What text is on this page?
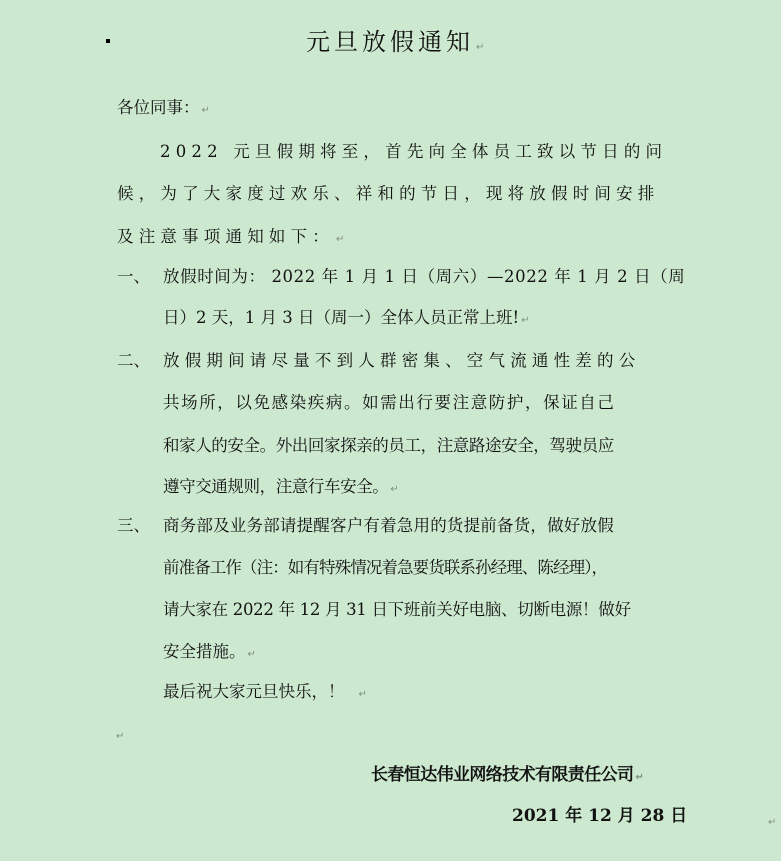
元旦放假通知 ↵
各位同事： ↵
2022 元旦假期将至，首先向全体员工致以节日的问
候，为了大家度过欢乐、祥和的节日，现将放假时间安排
及注意事项通知如下： ↵
一、 放假时间为： 2022 年 1 月 1 日（周六）—2022 年 1 月 2 日（周
日）2 天，1 月 3 日（周一）全体人员正常上班! ↵
二、 放假期间请尽量不到人群密集、空气流通性差的公
共场所，以免感染疾病。如需出行要注意防护，保证自己
和家人的安全。外出回家探亲的员工，注意路途安全，驾驶员应
遵守交通规则，注意行车安全。 ↵
三、 商务部及业务部请提醒客户有着急用的货提前备货，做好放假
前准备工作（注：如有特殊情况着急要货联系孙经理、陈经理），
请大家在 2022 年 12 月 31 日下班前关好电脑、切断电源！做好
安全措施。 ↵
最后祝大家元旦快乐，！ ↵
↵
长春恒达伟业网络技术有限责任公司 ↵
2021 年 12 月 28 日	↵
